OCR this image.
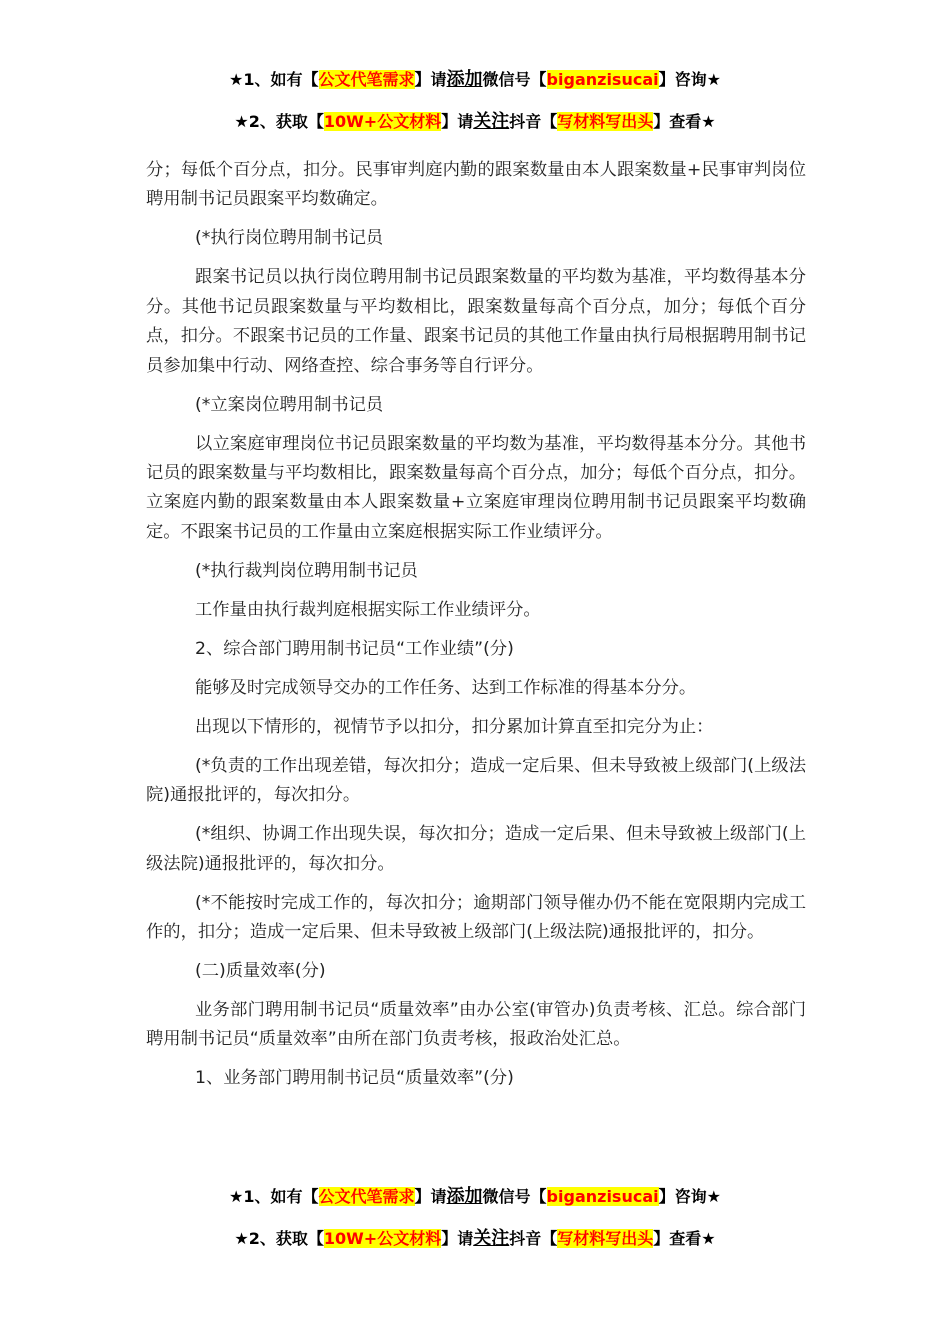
★1、如有【公文代笔需求】请添加微信号【biganzisucai】咨询★
★2、获取【10W+公文材料】请关注抖音【写材料写出头】查看★

分；每低个百分点，扣分。民事审判庭内勤的跟案数量由本人跟案数量+民事审判岗位聘用制书记员跟案平均数确定。

(*执行岗位聘用制书记员

跟案书记员以执行岗位聘用制书记员跟案数量的平均数为基准，平均数得基本分分。其他书记员跟案数量与平均数相比，跟案数量每高个百分点，加分；每低个百分点，扣分。不跟案书记员的工作量、跟案书记员的其他工作量由执行局根据聘用制书记员参加集中行动、网络查控、综合事务等自行评分。

(*立案岗位聘用制书记员

以立案庭审理岗位书记员跟案数量的平均数为基准，平均数得基本分分。其他书记员的跟案数量与平均数相比，跟案数量每高个百分点，加分；每低个百分点，扣分。立案庭内勤的跟案数量由本人跟案数量+立案庭审理岗位聘用制书记员跟案平均数确定。不跟案书记员的工作量由立案庭根据实际工作业绩评分。

(*执行裁判岗位聘用制书记员

工作量由执行裁判庭根据实际工作业绩评分。

2、综合部门聘用制书记员“工作业绩”(分)

能够及时完成领导交办的工作任务、达到工作标准的得基本分分。

出现以下情形的，视情节予以扣分，扣分累加计算直至扣完分为止：

(*负责的工作出现差错，每次扣分；造成一定后果、但未导致被上级部门(上级法院)通报批评的，每次扣分。

(*组织、协调工作出现失误，每次扣分；造成一定后果、但未导致被上级部门(上级法院)通报批评的，每次扣分。

(*不能按时完成工作的，每次扣分；逾期部门领导催办仍不能在宽限期内完成工作的，扣分；造成一定后果、但未导致被上级部门(上级法院)通报批评的，扣分。

(二)质量效率(分)

业务部门聘用制书记员“质量效率”由办公室(审管办)负责考核、汇总。综合部门聘用制书记员“质量效率”由所在部门负责考核，报政治处汇总。

1、业务部门聘用制书记员“质量效率”(分)

★1、如有【公文代笔需求】请添加微信号【biganzisucai】咨询★
★2、获取【10W+公文材料】请关注抖音【写材料写出头】查看★
